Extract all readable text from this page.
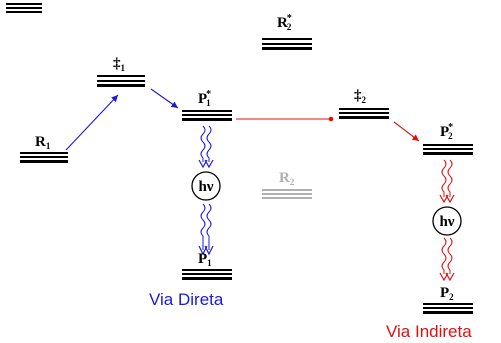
$R_1$
$\ddagger_1$
P* 1
R* 2
$\ddagger_2$
P* 2
$R_2$
$P_1$
$P_2$
hν
hν
Via Direta
Via Indireta
